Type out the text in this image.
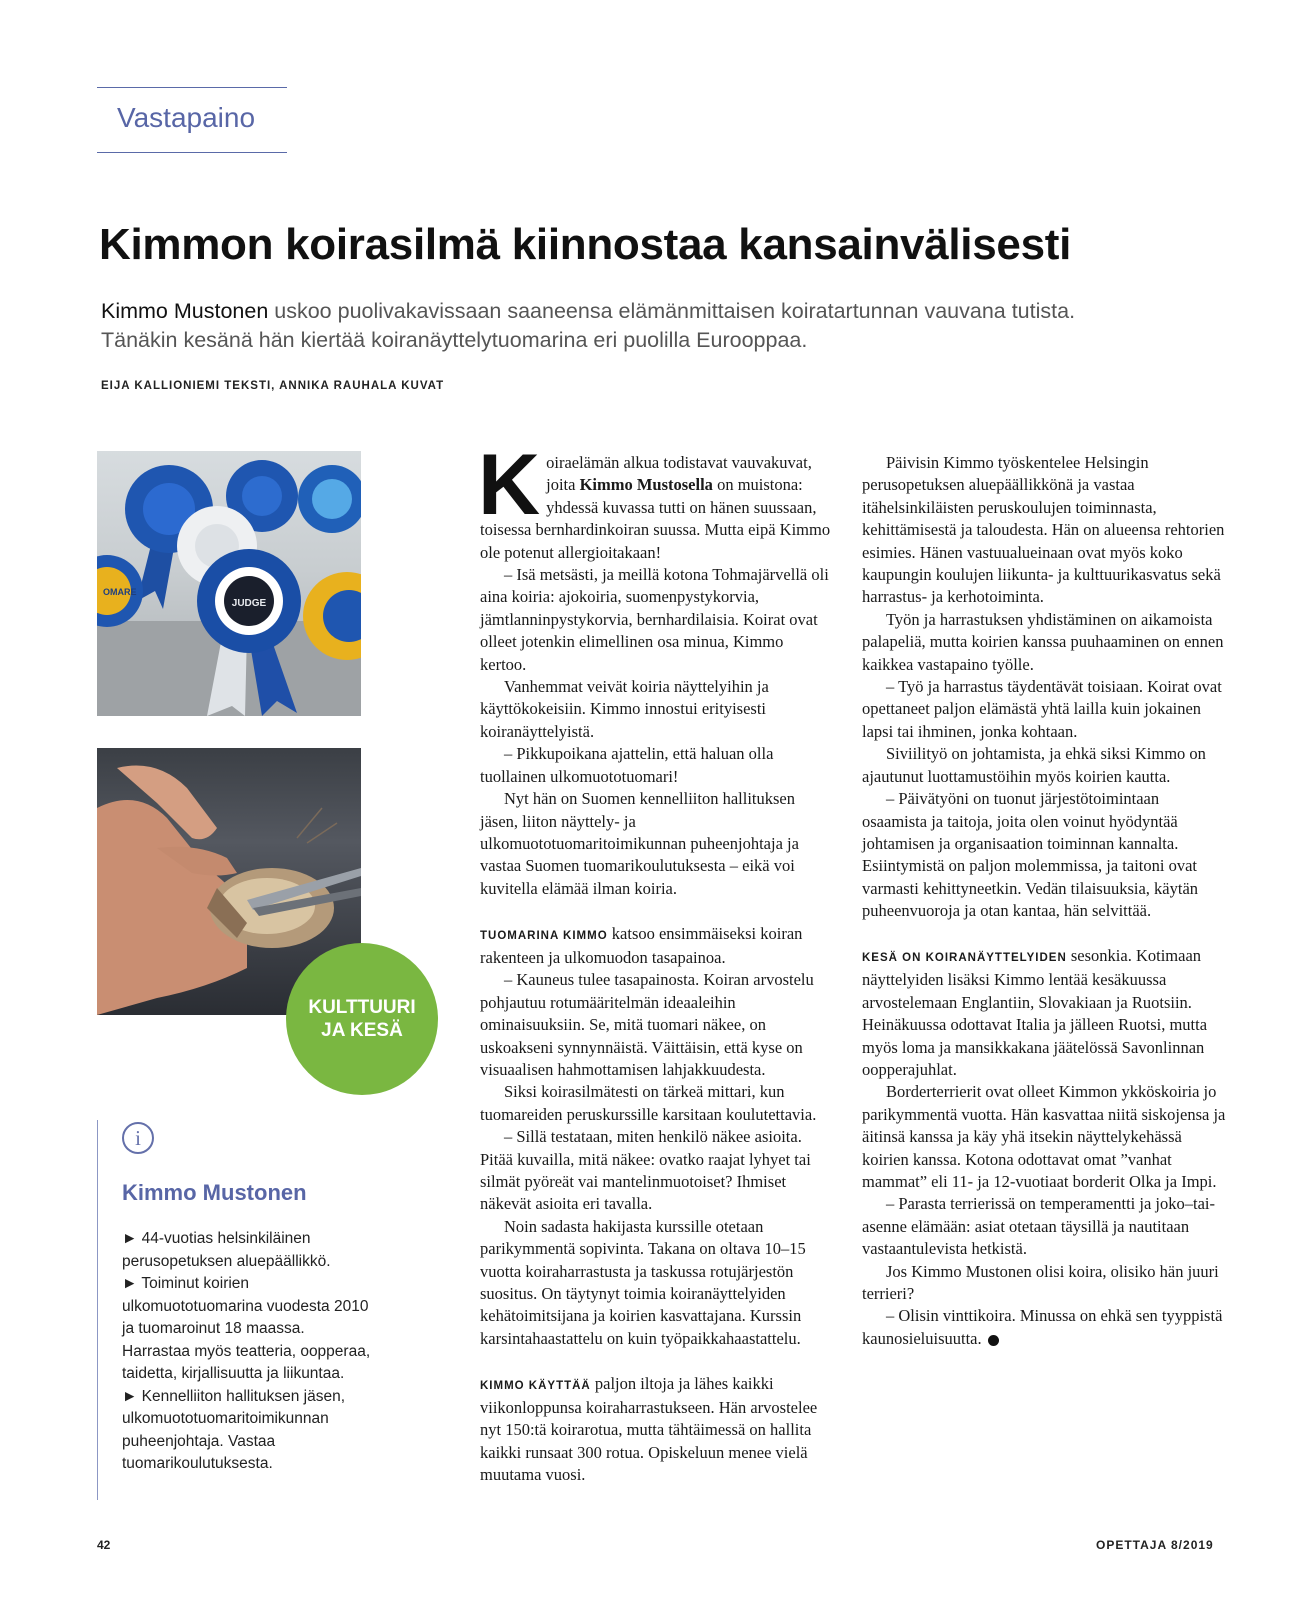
Vastapaino
Kimmon koirasilmä kiinnostaa kansainvälisesti
Kimmo Mustonen uskoo puolivakavissaan saaneensa elämänmittaisen koiratartunnan vauvana tutista. Tänäkin kesänä hän kiertää koiranäyttelytuomarina eri puolilla Eurooppaa.
EIJA KALLIONIEMI TEKSTI, ANNIKA RAUHALA KUVAT
OMARE
JUDGE
KULTTUURI
JA KESÄ
i
Kimmo Mustonen

► 44-vuotias helsinkiläinen perusopetuksen aluepäällikkö.

► Toiminut koirien ulkomuototuomarina vuodesta 2010 ja tuomaroinut 18 maassa. Harrastaa myös teatteria, oopperaa, taidetta, kirjallisuutta ja liikuntaa.

► Kennelliiton hallituksen jäsen, ulkomuototuomaritoimikunnan puheenjohtaja. Vastaa tuomarikoulutuksesta.

Koiraelämän alkua todistavat vauvakuvat, joita Kimmo Mustosella on muistona: yhdessä kuvassa tutti on hänen suussaan, toisessa bernhardinkoiran suussa. Mutta eipä Kimmo ole potenut allergioitakaan!

– Isä metsästi, ja meillä kotona Tohmajärvellä oli aina koiria: ajokoiria, suomenpystykorvia, jämtlanninpystykorvia, bernhardilaisia. Koirat ovat olleet jotenkin elimellinen osa minua, Kimmo kertoo.

Vanhemmat veivät koiria näyttelyihin ja käyttökokeisiin. Kimmo innostui erityisesti koiranäyttelyistä.

– Pikkupoikana ajattelin, että haluan olla tuollainen ulkomuototuomari!

Nyt hän on Suomen kennelliiton hallituksen jäsen, liiton näyttely- ja ulkomuototuomaritoimikunnan puheenjohtaja ja vastaa Suomen tuomarikoulutuksesta – eikä voi kuvitella elämää ilman koiria.

TUOMARINA KIMMO katsoo ensimmäiseksi koiran rakenteen ja ulkomuodon tasapainoa.

– Kauneus tulee tasapainosta. Koiran arvostelu pohjautuu rotumääritelmän ideaaleihin ominaisuuksiin. Se, mitä tuomari näkee, on uskoakseni synnynnäistä. Väittäisin, että kyse on visuaalisen hahmottamisen lahjakkuudesta.

Siksi koirasilmätesti on tärkeä mittari, kun tuomareiden peruskurssille karsitaan koulutettavia.

– Sillä testataan, miten henkilö näkee asioita. Pitää kuvailla, mitä näkee: ovatko raajat lyhyet tai silmät pyöreät vai mantelinmuotoiset? Ihmiset näkevät asioita eri tavalla.

Noin sadasta hakijasta kurssille otetaan parikymmentä sopivinta. Takana on oltava 10–15 vuotta koiraharrastusta ja taskussa rotujärjestön suositus. On täytynyt toimia koiranäyttelyiden kehätoimitsijana ja koirien kasvattajana. Kurssin karsintahaastattelu on kuin työpaikkahaastattelu.

KIMMO KÄYTTÄÄ paljon iltoja ja lähes kaikki viikonloppunsa koiraharrastukseen. Hän arvostelee nyt 150:tä koirarotua, mutta tähtäimessä on hallita kaikki runsaat 300 rotua. Opiskeluun menee vielä muutama vuosi.

Päivisin Kimmo työskentelee Helsingin perusopetuksen aluepäällikkönä ja vastaa itähelsinkiläisten peruskoulujen toiminnasta, kehittämisestä ja taloudesta. Hän on alueensa rehtorien esimies. Hänen vastuualueinaan ovat myös koko kaupungin koulujen liikunta- ja kulttuurikasvatus sekä harrastus- ja kerhotoiminta.

Työn ja harrastuksen yhdistäminen on aikamoista palapeliä, mutta koirien kanssa puuhaaminen on ennen kaikkea vastapaino työlle.

– Työ ja harrastus täydentävät toisiaan. Koirat ovat opettaneet paljon elämästä yhtä lailla kuin jokainen lapsi tai ihminen, jonka kohtaan.

Siviilityö on johtamista, ja ehkä siksi Kimmo on ajautunut luottamustöihin myös koirien kautta.

– Päivätyöni on tuonut järjestötoimintaan osaamista ja taitoja, joita olen voinut hyödyntää johtamisen ja organisaation toiminnan kannalta. Esiintymistä on paljon molemmissa, ja taitoni ovat varmasti kehittyneetkin. Vedän tilaisuuksia, käytän puheenvuoroja ja otan kantaa, hän selvittää.

KESÄ ON KOIRANÄYTTELYIDEN sesonkia. Kotimaan näyttelyiden lisäksi Kimmo lentää kesäkuussa arvostelemaan Englantiin, Slovakiaan ja Ruotsiin. Heinäkuussa odottavat Italia ja jälleen Ruotsi, mutta myös loma ja mansikkakana jäätelössä Savonlinnan oopperajuhlat.

Borderterrierit ovat olleet Kimmon ykköskoiria jo parikymmentä vuotta. Hän kasvattaa niitä siskojensa ja äitinsä kanssa ja käy yhä itsekin näyttelykehässä koirien kanssa. Kotona odottavat omat ”vanhat mammat” eli 11- ja 12-vuotiaat borderit Olka ja Impi.

– Parasta terrierissä on temperamentti ja joko–tai-asenne elämään: asiat otetaan täysillä ja nautitaan vastaantulevista hetkistä.

Jos Kimmo Mustonen olisi koira, olisiko hän juuri terrieri?

– Olisin vinttikoira. Minussa on ehkä sen tyyppistä kaunosieluisuutta.

42	OPETTAJA 8/2019
